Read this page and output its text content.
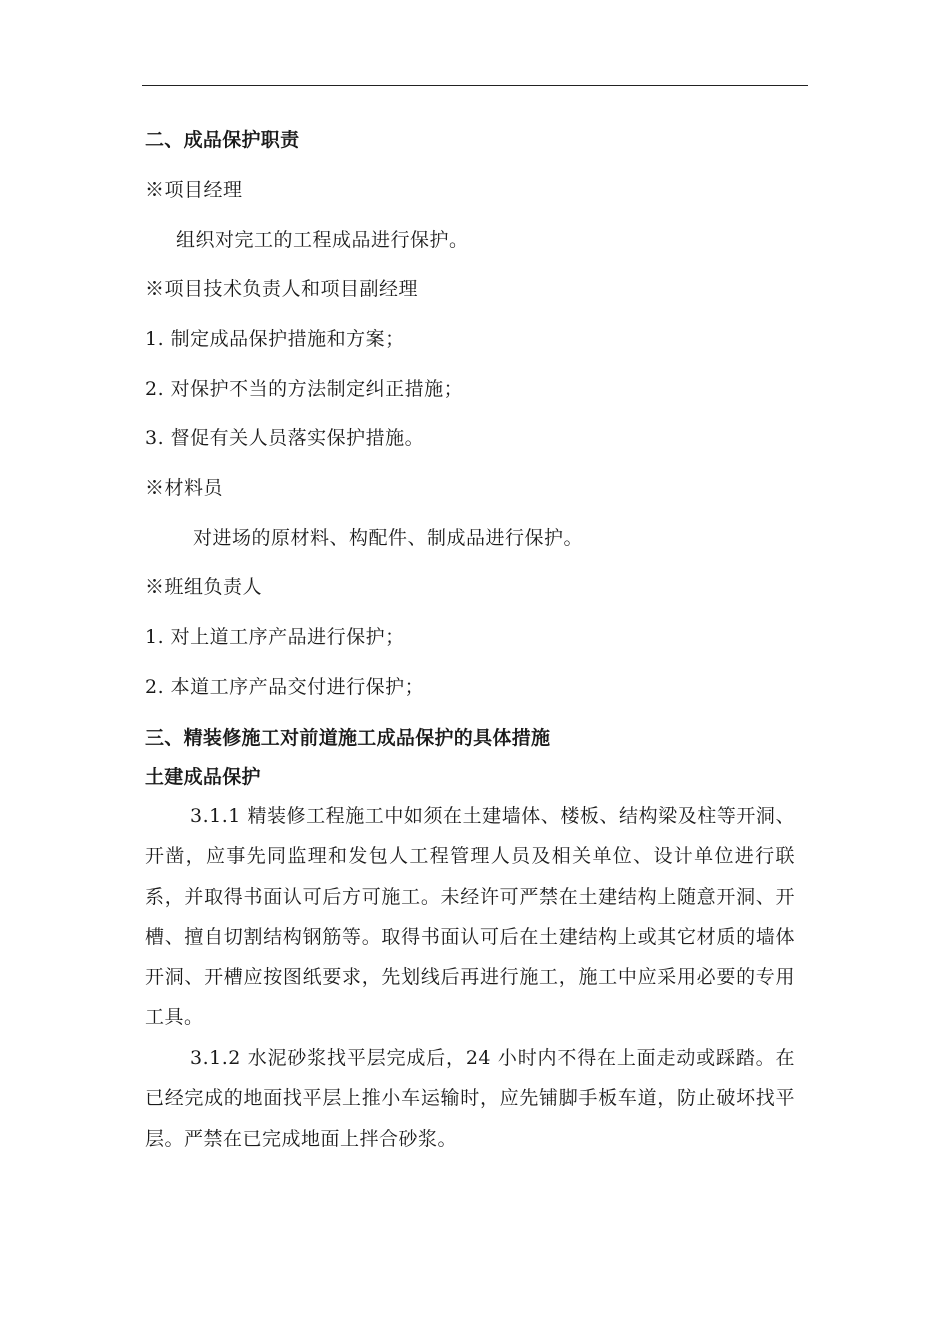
二、成品保护职责
※项目经理
组织对完工的工程成品进行保护。
※项目技术负责人和项目副经理
1. 制定成品保护措施和方案；
2. 对保护不当的方法制定纠正措施；
3. 督促有关人员落实保护措施。
※材料员
对进场的原材料、构配件、制成品进行保护。
※班组负责人
1. 对上道工序产品进行保护；
2. 本道工序产品交付进行保护；
三、精装修施工对前道施工成品保护的具体措施
土建成品保护
3.1.1 精装修工程施工中如须在土建墙体、楼板、结构梁及柱等开洞、开凿，应事先同监理和发包人工程管理人员及相关单位、设计单位进行联系，并取得书面认可后方可施工。未经许可严禁在土建结构上随意开洞、开槽、擅自切割结构钢筋等。取得书面认可后在土建结构上或其它材质的墙体开洞、开槽应按图纸要求，先划线后再进行施工，施工中应采用必要的专用工具。
3.1.2 水泥砂浆找平层完成后，24 小时内不得在上面走动或踩踏。在已经完成的地面找平层上推小车运输时，应先铺脚手板车道，防止破坏找平层。严禁在已完成地面上拌合砂浆。
